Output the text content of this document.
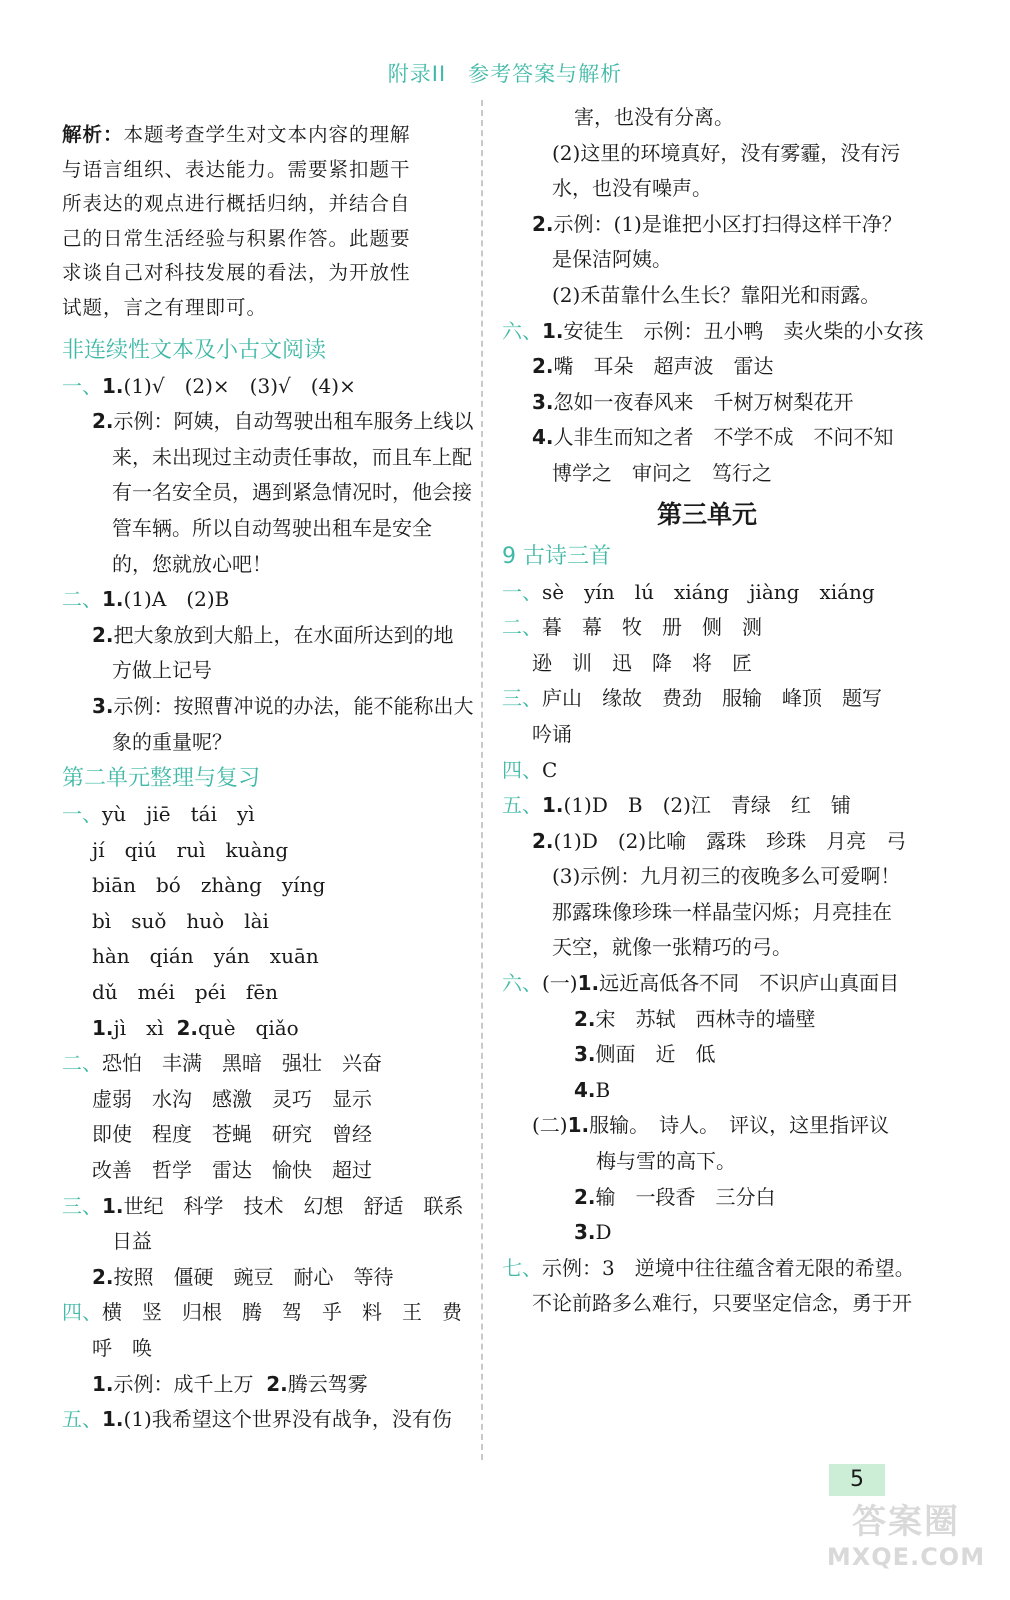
附录II　参考答案与解析
解析：本题考查学生对文本内容的理解
与语言组织、表达能力。需要紧扣题干
所表达的观点进行概括归纳，并结合自
己的日常生活经验与积累作答。此题要
求谈自己对科技发展的看法，为开放性
试题，言之有理即可。
非连续性文本及小古文阅读
一、1.(1)√　(2)×　(3)√　(4)×
2.示例：阿姨，自动驾驶出租车服务上线以
来，未出现过主动责任事故，而且车上配
有一名安全员，遇到紧急情况时，他会接
管车辆。所以自动驾驶出租车是安全
的，您就放心吧！
二、1.(1)A　(2)B
2.把大象放到大船上，在水面所达到的地
方做上记号
3.示例：按照曹冲说的办法，能不能称出大
象的重量呢？
第二单元整理与复习
一、yù　jiē　tái　yì
jí　qiú　ruì　kuàng
biān　bó　zhàng　yíng
bì　suǒ　huò　lài
hàn　qián　yán　xuān
dǔ　méi　péi　fēn
1.jì　xì 2.què　qiǎo
二、恐怕　丰满　黑暗　强壮　兴奋
虚弱　水沟　感激　灵巧　显示
即使　程度　苍蝇　研究　曾经
改善　哲学　雷达　愉快　超过
三、1.世纪　科学　技术　幻想　舒适　联系
日益
2.按照　僵硬　豌豆　耐心　等待
四、横　竖　归根　腾　驾　乎　料　王　费
呼　唤
1.示例：成千上万 2.腾云驾雾
五、1.(1)我希望这个世界没有战争，没有伤
害，也没有分离。
(2)这里的环境真好，没有雾霾，没有污
水，也没有噪声。
2.示例：(1)是谁把小区打扫得这样干净？
是保洁阿姨。
(2)禾苗靠什么生长？靠阳光和雨露。
六、1.安徒生　示例：丑小鸭　卖火柴的小女孩
2.嘴　耳朵　超声波　雷达
3.忽如一夜春风来　千树万树梨花开
4.人非生而知之者　不学不成　不问不知
博学之　审问之　笃行之
第三单元
9 古诗三首
一、sè　yín　lú　xiáng　jiàng　xiáng
二、暮　幕　牧　册　侧　测
逊　训　迅　降　将　匠
三、庐山　缘故　费劲　服输　峰顶　题写
吟诵
四、C
五、1.(1)D　B　(2)江　青绿　红　铺
2.(1)D　(2)比喻　露珠　珍珠　月亮　弓
(3)示例：九月初三的夜晚多么可爱啊！
那露珠像珍珠一样晶莹闪烁；月亮挂在
天空，就像一张精巧的弓。
六、(一)1.远近高低各不同　不识庐山真面目
2.宋　苏轼　西林寺的墙壁
3.侧面　近　低
4.B
(二)1.服输。　诗人。　评议，这里指评议
梅与雪的高下。
2.输　一段香　三分白
3.D
七、示例：3　逆境中往往蕴含着无限的希望。
不论前路多么难行，只要坚定信念，勇于开
5
答案圈
MXQE.COM
